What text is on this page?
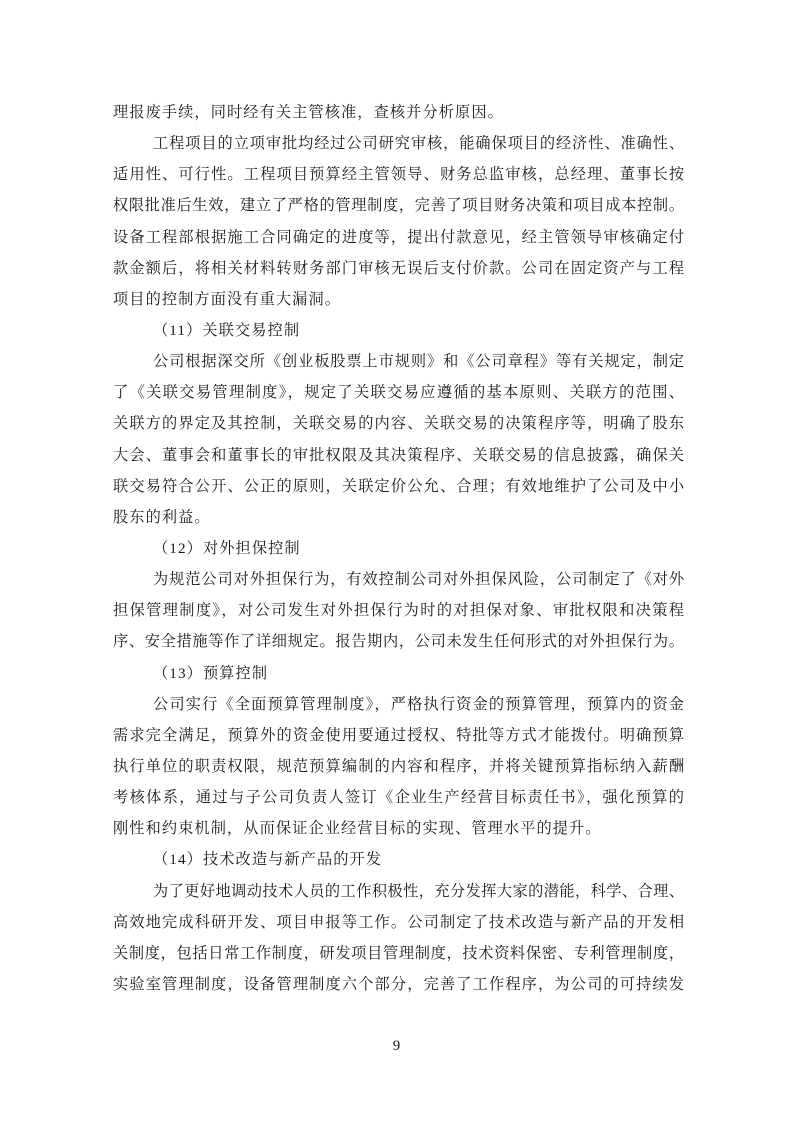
理报废手续，同时经有关主管核准，查核并分析原因。
工程项目的立项审批均经过公司研究审核，能确保项目的经济性、准确性、
适用性、可行性。工程项目预算经主管领导、财务总监审核，总经理、董事长按
权限批准后生效，建立了严格的管理制度，完善了项目财务决策和项目成本控制。
设备工程部根据施工合同确定的进度等，提出付款意见，经主管领导审核确定付
款金额后，将相关材料转财务部门审核无误后支付价款。公司在固定资产与工程
项目的控制方面没有重大漏洞。
（11）关联交易控制
公司根据深交所《创业板股票上市规则》和《公司章程》等有关规定，制定
了《关联交易管理制度》，规定了关联交易应遵循的基本原则、关联方的范围、
关联方的界定及其控制，关联交易的内容、关联交易的决策程序等，明确了股东
大会、董事会和董事长的审批权限及其决策程序、关联交易的信息披露，确保关
联交易符合公开、公正的原则，关联定价公允、合理；有效地维护了公司及中小
股东的利益。
（12）对外担保控制
为规范公司对外担保行为，有效控制公司对外担保风险，公司制定了《对外
担保管理制度》，对公司发生对外担保行为时的对担保对象、审批权限和决策程
序、安全措施等作了详细规定。报告期内，公司未发生任何形式的对外担保行为。
（13）预算控制
公司实行《全面预算管理制度》，严格执行资金的预算管理，预算内的资金
需求完全满足，预算外的资金使用要通过授权、特批等方式才能拨付。明确预算
执行单位的职责权限，规范预算编制的内容和程序，并将关键预算指标纳入薪酬
考核体系，通过与子公司负责人签订《企业生产经营目标责任书》，强化预算的
刚性和约束机制，从而保证企业经营目标的实现、管理水平的提升。
（14）技术改造与新产品的开发
为了更好地调动技术人员的工作积极性，充分发挥大家的潜能，科学、合理、
高效地完成科研开发、项目申报等工作。公司制定了技术改造与新产品的开发相
关制度，包括日常工作制度，研发项目管理制度，技术资料保密、专利管理制度，
实验室管理制度，设备管理制度六个部分，完善了工作程序，为公司的可持续发
9
